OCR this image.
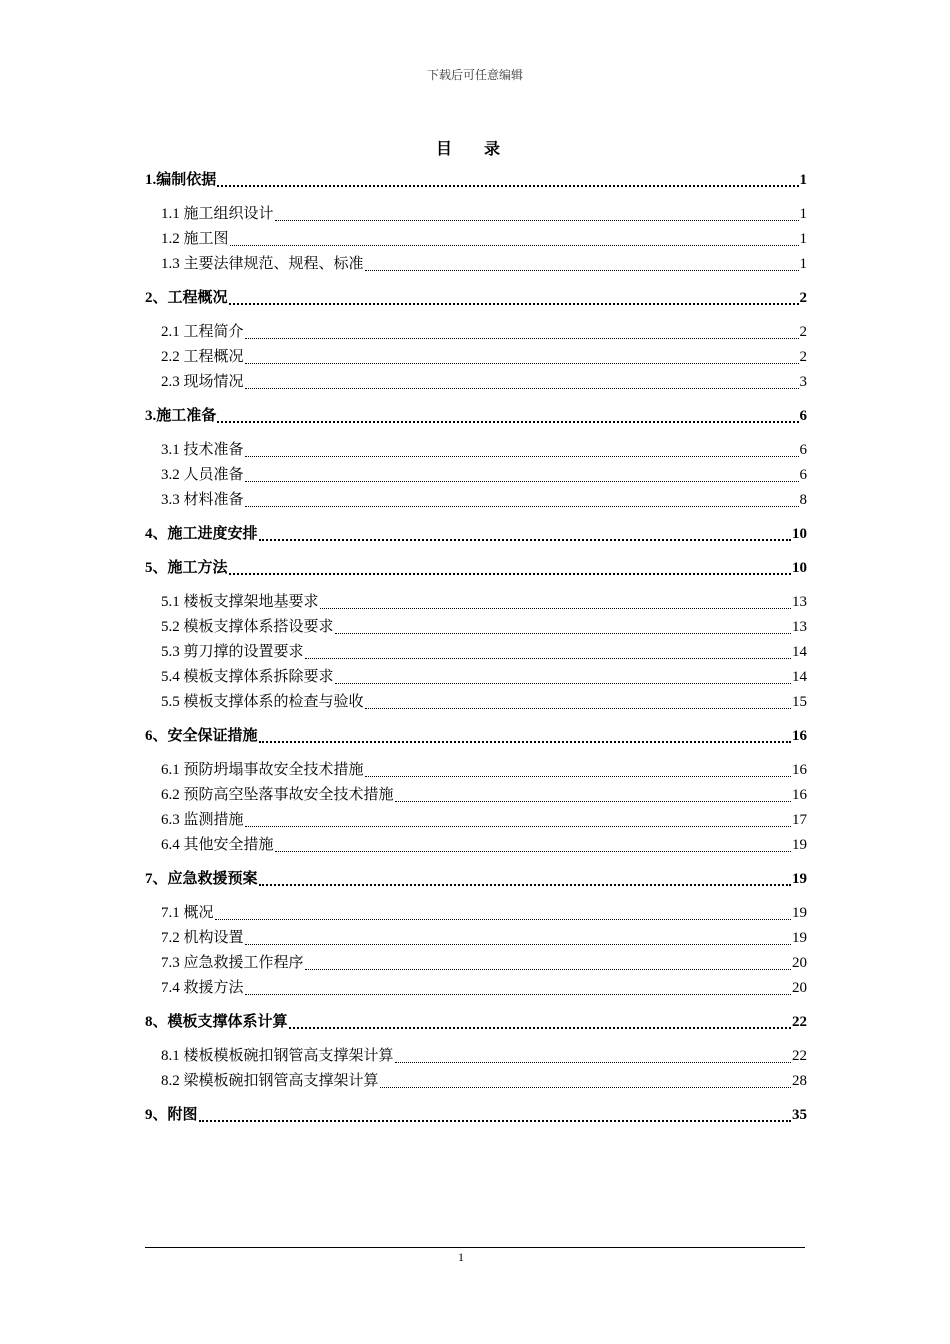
下载后可任意编辑
目 录
1.编制依据	1
1.1 施工组织设计	1
1.2 施工图	1
1.3 主要法律规范、规程、标准	1
2、工程概况	2
2.1 工程简介	2
2.2 工程概况	2
2.3 现场情况	3
3.施工准备	6
3.1 技术准备	6
3.2 人员准备	6
3.3 材料准备	8
4、施工进度安排	10
5、施工方法	10
5.1 楼板支撑架地基要求	13
5.2 模板支撑体系搭设要求	13
5.3 剪刀撑的设置要求	14
5.4 模板支撑体系拆除要求	14
5.5 模板支撑体系的检查与验收	15
6、安全保证措施	16
6.1 预防坍塌事故安全技术措施	16
6.2 预防高空坠落事故安全技术措施	16
6.3 监测措施	17
6.4 其他安全措施	19
7、应急救援预案	19
7.1 概况	19
7.2 机构设置	19
7.3 应急救援工作程序	20
7.4 救援方法	20
8、模板支撑体系计算	22
8.1 楼板模板碗扣钢管高支撑架计算	22
8.2 梁模板碗扣钢管高支撑架计算	28
9、附图	35
1
